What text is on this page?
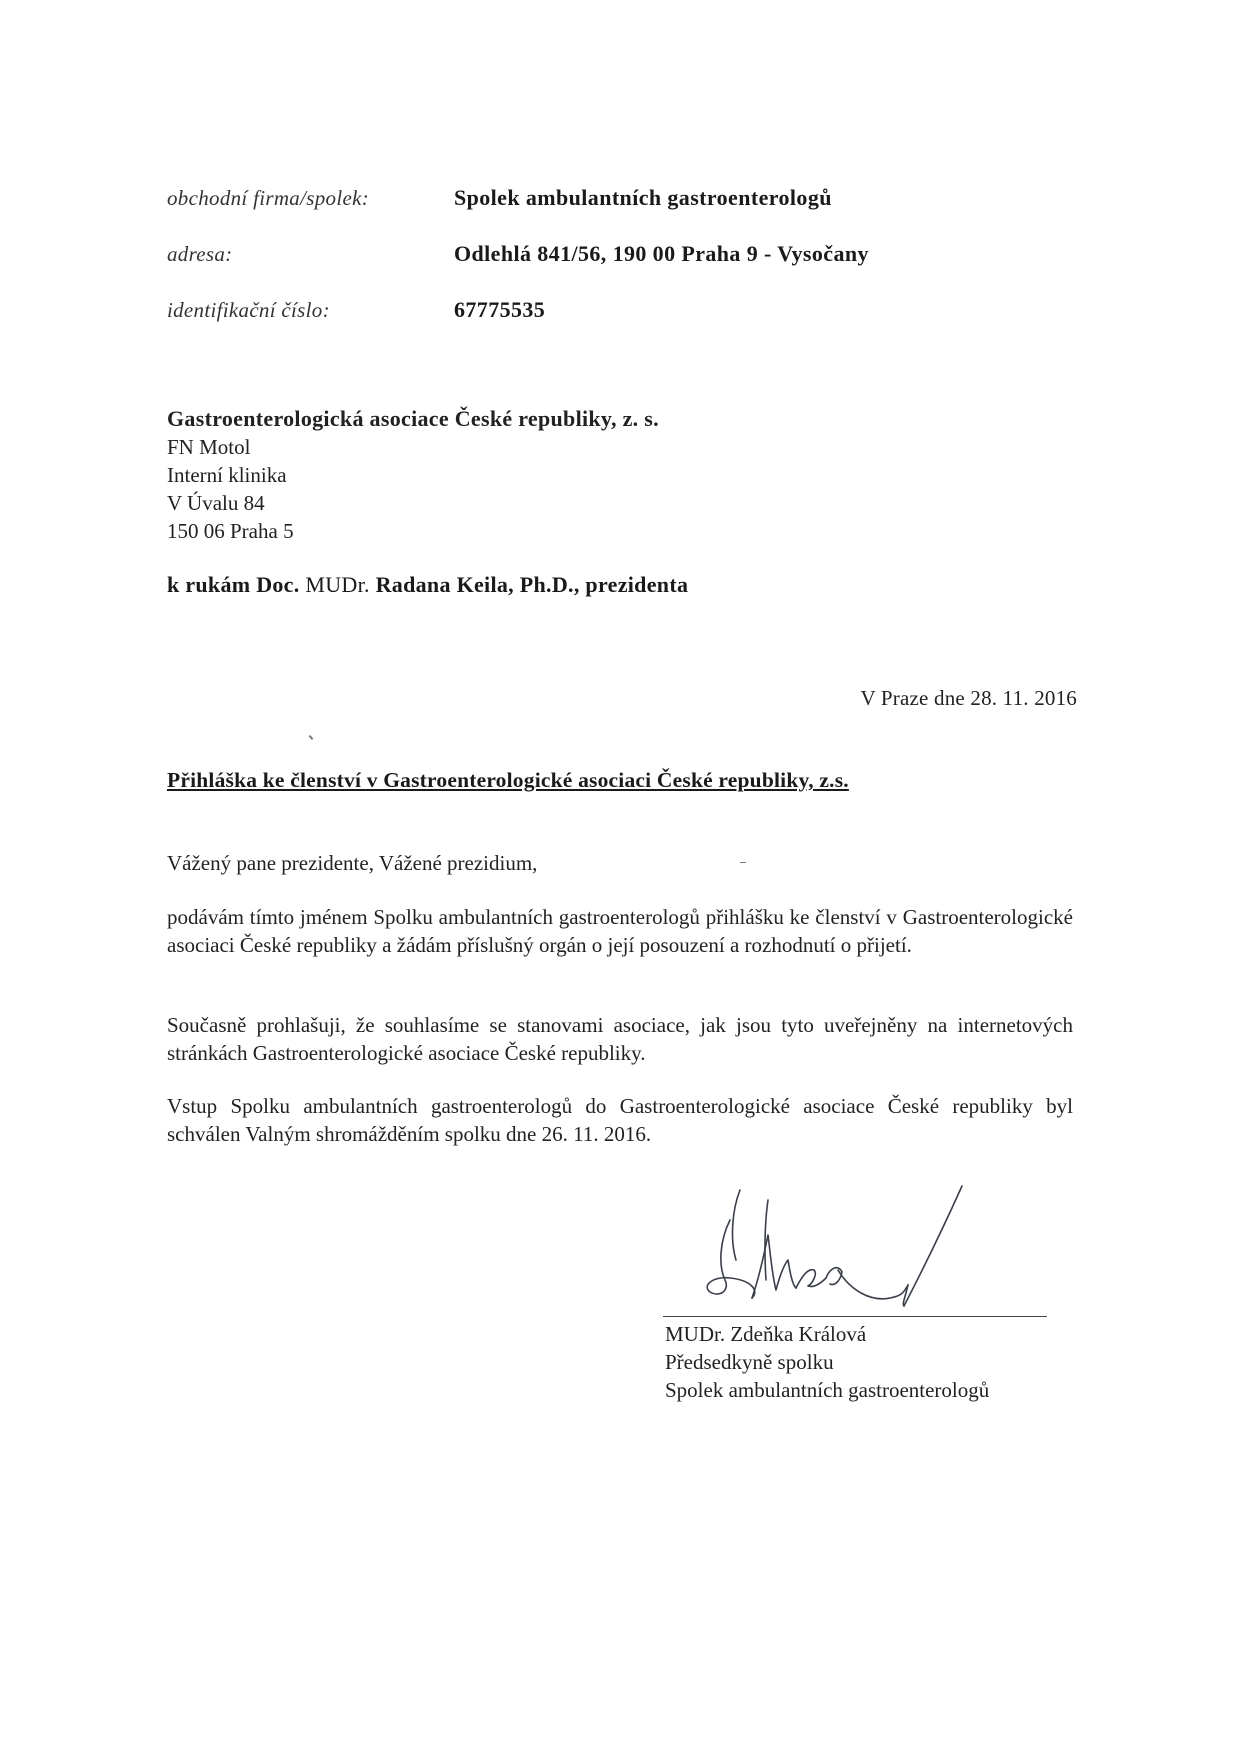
obchodní firma/spolek:	Spolek ambulantních gastroenterologů
adresa:	Odlehlá 841/56, 190 00 Praha 9 - Vysočany
identifikační číslo:	67775535
Gastroenterologická asociace České republiky, z. s.
FN Motol
Interní klinika
V Úvalu 84
150 06 Praha 5
k rukám Doc. MUDr. Radana Keila, Ph.D., prezidenta
V Praze dne 28. 11. 2016
Přihláška ke členství v Gastroenterologické asociaci České republiky, z.s.
Vážený pane prezidente, Vážené prezidium,
podávám tímto jménem Spolku ambulantních gastroenterologů přihlášku ke členství v Gastroenterologické asociaci České republiky a žádám příslušný orgán o její posouzení a rozhodnutí o přijetí.
Současně prohlašuji, že souhlasíme se stanovami asociace, jak jsou tyto uveřejněny na internetových stránkách Gastroenterologické asociace České republiky.
Vstup Spolku ambulantních gastroenterologů do Gastroenterologické asociace České republiky byl schválen Valným shromážděním spolku dne 26. 11. 2016.
MUDr. Zdeňka Králová
Předsedkyně spolku
Spolek ambulantních gastroenterologů
